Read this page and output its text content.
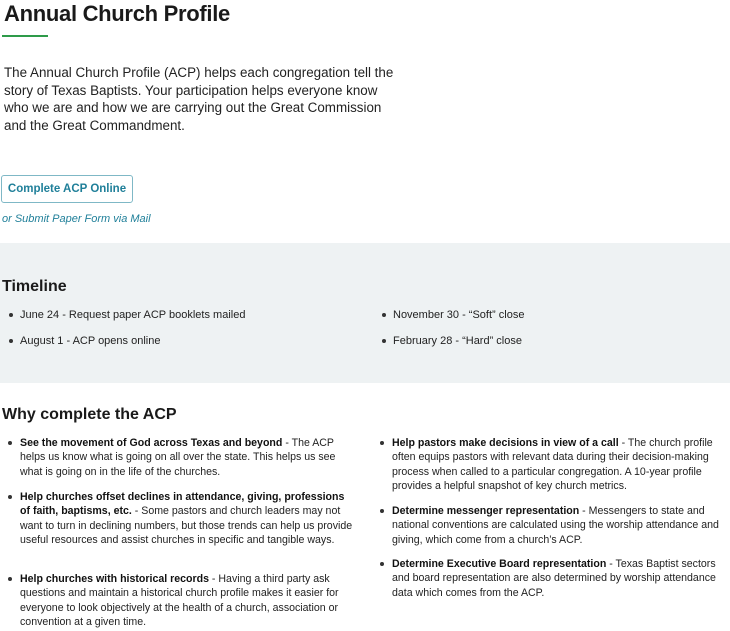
Annual Church Profile

The Annual Church Profile (ACP) helps each congregation tell the story of Texas Baptists. Your participation helps everyone know who we are and how we are carrying out the Great Commission and the Great Commandment.

Complete ACP Online
or Submit Paper Form via Mail
Timeline
June 24 - Request paper ACP booklets mailed
August 1 - ACP opens online
November 30 - “Soft” close
February 28 - “Hard” close
Why complete the ACP
See the movement of God across Texas and beyond - The ACP helps us know what is going on all over the state. This helps us see what is going on in the life of the churches.
Help churches offset declines in attendance, giving, professions of faith, baptisms, etc. - Some pastors and church leaders may not want to turn in declining numbers, but those trends can help us provide useful resources and assist churches in specific and tangible ways.
Help churches with historical records - Having a third party ask questions and maintain a historical church profile makes it easier for everyone to look objectively at the health of a church, association or convention at a given time.
Help pastors make decisions in view of a call - The church profile often equips pastors with relevant data during their decision-making process when called to a particular congregation. A 10-year profile provides a helpful snapshot of key church metrics.
Determine messenger representation - Messengers to state and national conventions are calculated using the worship attendance and giving, which come from a church’s ACP.
Determine Executive Board representation - Texas Baptist sectors and board representation are also determined by worship attendance data which comes from the ACP.
